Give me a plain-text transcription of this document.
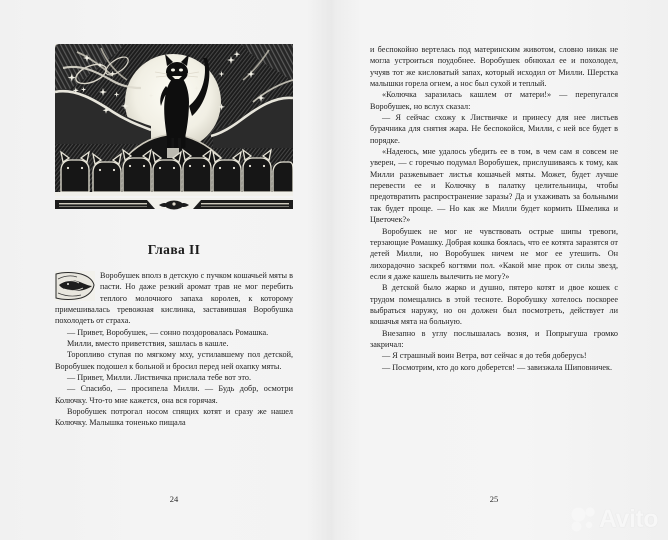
Глава II

Воробушек вполз в детскую с пучком кошачьей мяты в пасти. Но даже резкий аромат трав не мог перебить теплого молочного запаха королев, к которому примешивалась тревожная кислинка, заставившая Воробушка похолодеть от страха.

— Привет, Воробушек, — сонно поздоровалась Ромашка.

Милли, вместо приветствия, зашлась в кашле.

Торопливо ступая по мягкому мху, устилавшему пол детской, Воробушек подошел к больной и бросил перед ней охапку мяты.

— Привет, Милли. Листвичка прислала тебе вот это.

— Спасибо, — просипела Милли. — Будь добр, осмотри Колючку. Что-то мне кажется, она вся горячая.

Воробушек потрогал носом спящих котят и сразу же нашел Колючку. Малышка тоненько пищала

24

и беспокойно вертелась под материнским животом, словно никак не могла устроиться поудобнее. Воробушек обнюхал ее и похолодел, учуяв тот же кисловатый запах, который исходил от Милли. Шерстка малышки горела огнем, а нос был сухой и теплый.

«Колючка заразилась кашлем от матери!» — перепугался Воробушек, но вслух сказал:

— Я сейчас схожу к Листвичке и принесу для нее листьев бурачника для снятия жара. Не беспокойся, Милли, с ней все будет в порядке.

«Надеюсь, мне удалось убедить ее в том, в чем сам я совсем не уверен, — с горечью подумал Воробушек, прислушиваясь к тому, как Милли разжевывает листья кошачьей мяты. Может, будет лучше перевести ее и Колючку в палатку целительницы, чтобы предотвратить распространение заразы? Да и ухаживать за больными так будет проще. — Но как же Милли будет кормить Шмелика и Цветочек?»

Воробушек не мог не чувствовать острые шипы тревоги, терзающие Ромашку. Добрая кошка боялась, что ее котята заразятся от детей Милли, но Воробушек ничем не мог ее утешить. Он лихорадочно заскреб когтями пол. «Какой мне прок от силы звезд, если я даже кашель вылечить не могу?»

В детской было жарко и душно, пятеро котят и двое кошек с трудом помещались в этой тесноте. Воробушку хотелось поскорее выбраться наружу, но он должен был посмотреть, действует ли кошачья мята на больную.

Внезапно в углу послышалась возня, и Попрыгуша громко закричал:

— Я страшный воин Ветра, вот сейчас я до тебя доберусь!

— Посмотрим, кто до кого доберется! — завизжала Шиповничек.

25
Avito
